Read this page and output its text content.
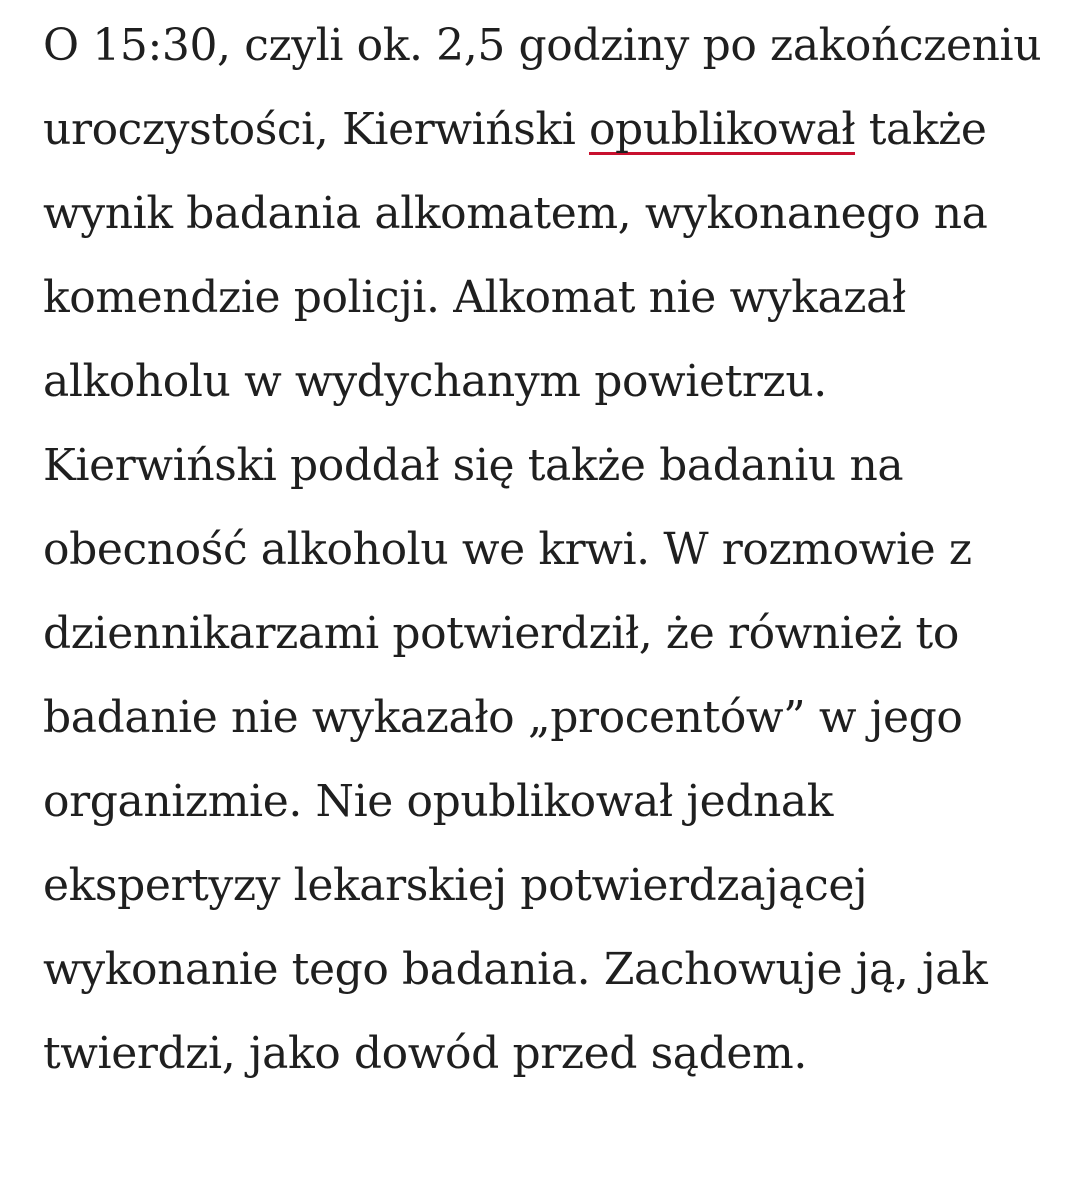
O 15:30, czyli ok. 2,5 godziny po zakończeniu
uroczystości, Kierwiński opublikował także
wynik badania alkomatem, wykonanego na
komendzie policji. Alkomat nie wykazał
alkoholu w wydychanym powietrzu.
Kierwiński poddał się także badaniu na
obecność alkoholu we krwi. W rozmowie z
dziennikarzami potwierdził, że również to
badanie nie wykazało „procentów” w jego
organizmie. Nie opublikował jednak
ekspertyzy lekarskiej potwierdzającej
wykonanie tego badania. Zachowuje ją, jak
twierdzi, jako dowód przed sądem.
